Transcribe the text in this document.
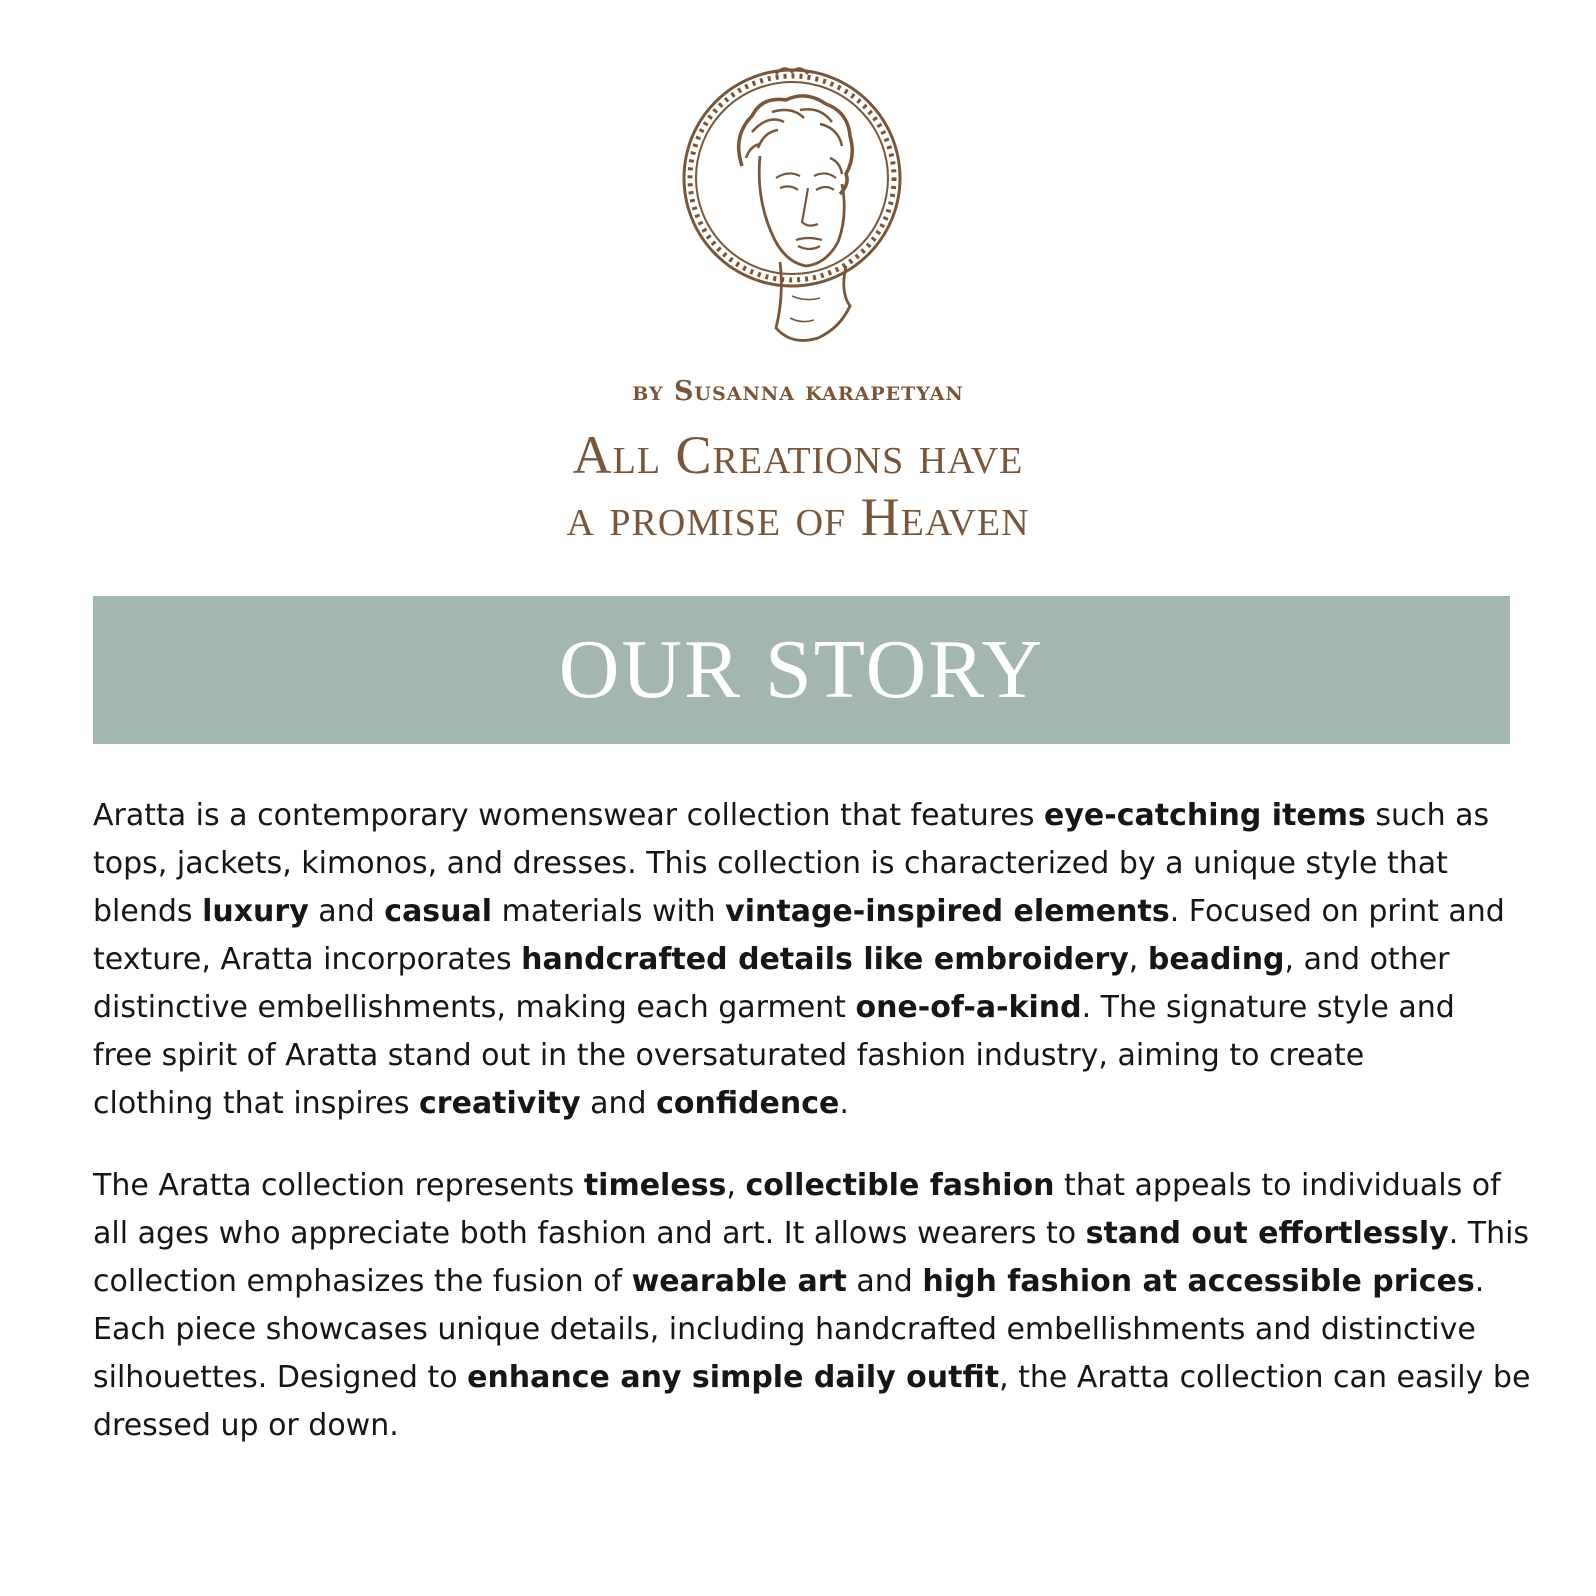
by Susanna karapetyan
All Creations have
a promise of Heaven
OUR STORY

Aratta is a contemporary womenswear collection that features eye-catching items such as
tops, jackets, kimonos, and dresses. This collection is characterized by a unique style that
blends luxury and casual materials with vintage-inspired elements. Focused on print and
texture, Aratta incorporates handcrafted details like embroidery, beading, and other
distinctive embellishments, making each garment one-of-a-kind. The signature style and
free spirit of Aratta stand out in the oversaturated fashion industry, aiming to create
clothing that inspires creativity and confidence.

The Aratta collection represents timeless, collectible fashion that appeals to individuals of
all ages who appreciate both fashion and art. It allows wearers to stand out effortlessly. This
collection emphasizes the fusion of wearable art and high fashion at accessible prices.
Each piece showcases unique details, including handcrafted embellishments and distinctive
silhouettes. Designed to enhance any simple daily outfit, the Aratta collection can easily be
dressed up or down.
